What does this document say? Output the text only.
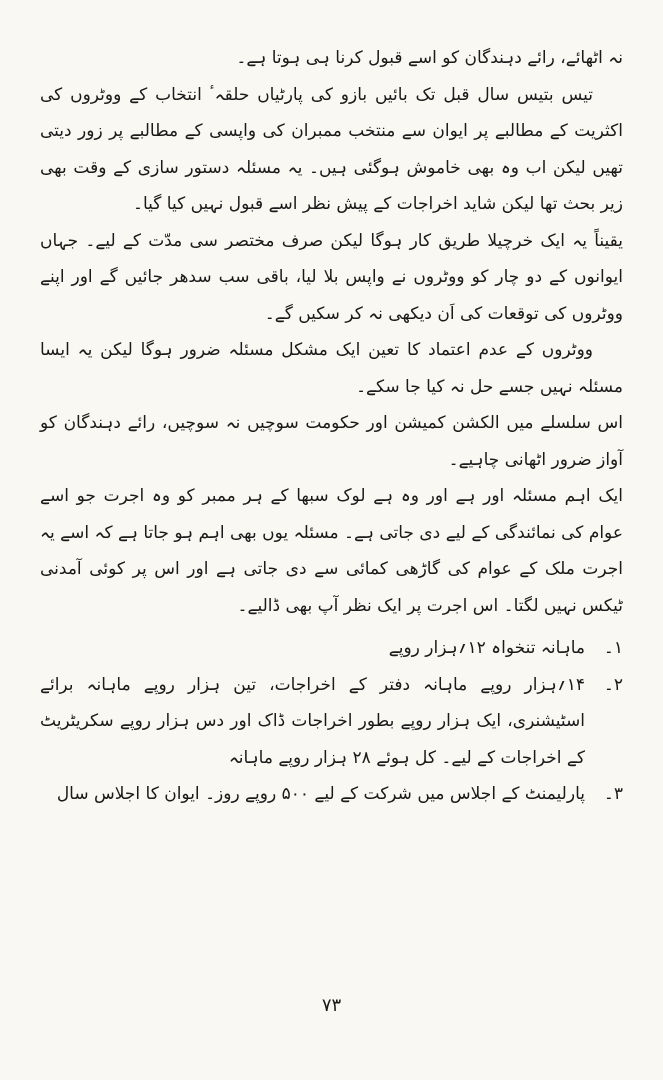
نہ اٹھائے، رائے دہندگان کو اسے قبول کرنا ہی ہوتا ہے۔

تیس بتیس سال قبل تک بائیں بازو کی پارٹیاں حلقہٴ انتخاب کے ووٹروں کی اکثریت کے مطالبے پر ایوان سے منتخب ممبران کی واپسی کے مطالبے پر زور دیتی تھیں لیکن اب وہ بھی خاموش ہوگئی ہیں۔ یہ مسئلہ دستور سازی کے وقت بھی زیر بحث تھا لیکن شاید اخراجات کے پیش نظر اسے قبول نہیں کیا گیا۔

یقیناً یہ ایک خرچیلا طریق کار ہوگا لیکن صرف مختصر سی مدّت کے لیے۔ جہاں ایوانوں کے دو چار کو ووٹروں نے واپس بلا لیا، باقی سب سدھر جائیں گے اور اپنے ووٹروں کی توقعات کی اَن دیکھی نہ کر سکیں گے۔

ووٹروں کے عدم اعتماد کا تعین ایک مشکل مسئلہ ضرور ہوگا لیکن یہ ایسا مسئلہ نہیں جسے حل نہ کیا جا سکے۔

اس سلسلے میں الکشن کمیشن اور حکومت سوچیں نہ سوچیں، رائے دہندگان کو آواز ضرور اٹھانی چاہیے۔

ایک اہم مسئلہ اور ہے اور وہ ہے لوک سبھا کے ہر ممبر کو وہ اجرت جو اسے عوام کی نمائندگی کے لیے دی جاتی ہے۔ مسئلہ یوں بھی اہم ہو جاتا ہے کہ اسے یہ اجرت ملک کے عوام کی گاڑھی کمائی سے دی جاتی ہے اور اس پر کوئی آمدنی ٹیکس نہیں لگتا۔ اس اجرت پر ایک نظر آپ بھی ڈالیے۔

۱۔
ماہانہ تنخواہ ۱۲؍ہزار روپے
۲۔
۱۴؍ہزار روپے ماہانہ دفتر کے اخراجات، تین ہزار روپے ماہانہ برائے اسٹیشنری، ایک ہزار روپے بطور اخراجات ڈاک اور دس ہزار روپے سکریٹریٹ کے اخراجات کے لیے۔ کل ہوئے ۲۸ ہزار روپے ماہانہ
۳۔
پارلیمنٹ کے اجلاس میں شرکت کے لیے ۵۰۰ روپے روز۔ ایوان کا اجلاس سال
۷۳
